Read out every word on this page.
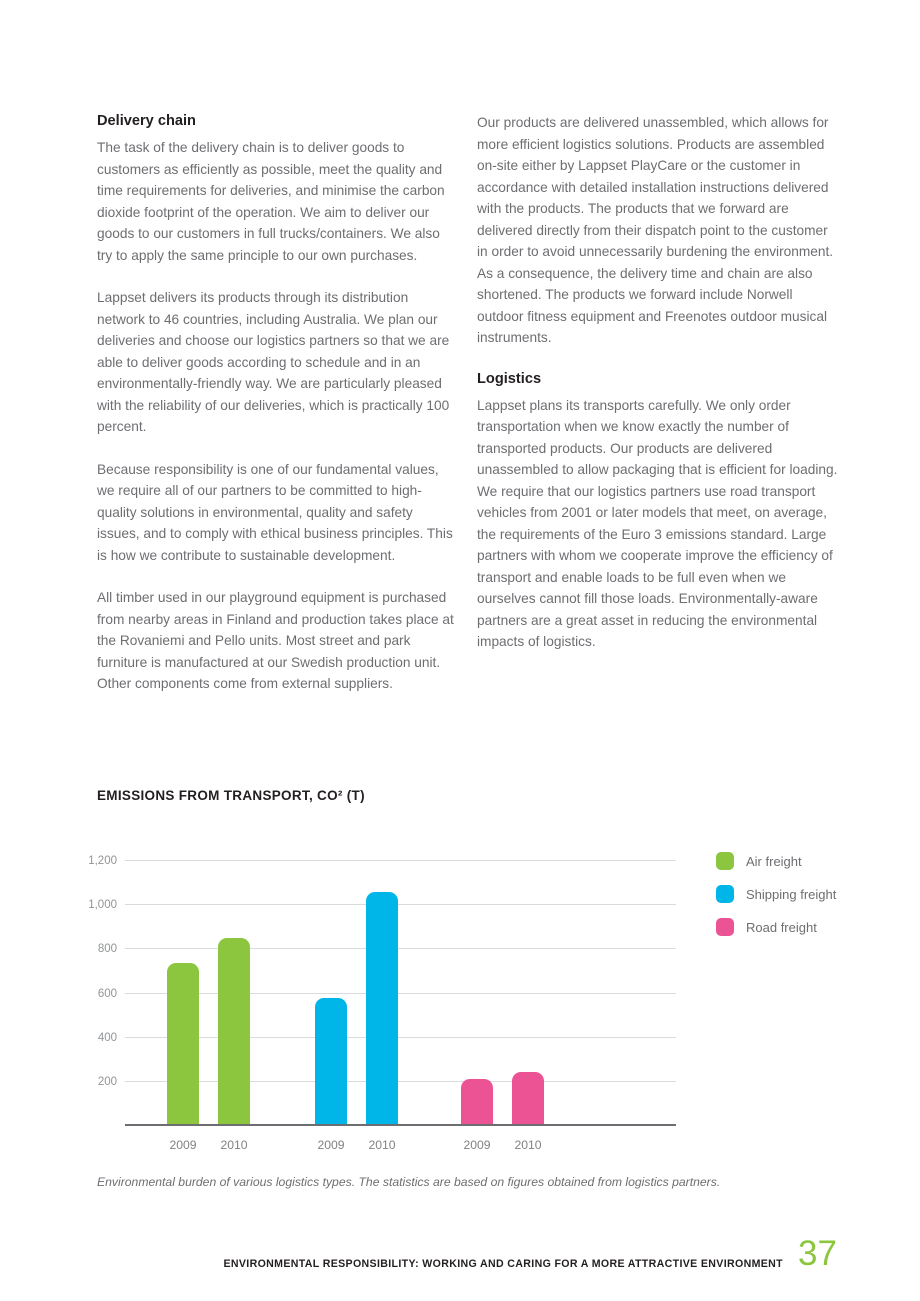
Delivery chain

The task of the delivery chain is to deliver goods to customers as efficiently as possible, meet the quality and time requirements for deliveries, and minimise the carbon dioxide footprint of the operation. We aim to deliver our goods to our customers in full trucks/containers. We also try to apply the same principle to our own purchases.

Lappset delivers its products through its distribution network to 46 countries, including Australia. We plan our deliveries and choose our logistics partners so that we are able to deliver goods according to schedule and in an environmentally-friendly way. We are particularly pleased with the reliability of our deliveries, which is practically 100 percent.

Because responsibility is one of our fundamental values, we require all of our partners to be committed to high-quality solutions in environmental, quality and safety issues, and to comply with ethical business principles. This is how we contribute to sustainable development.

All timber used in our playground equipment is purchased from nearby areas in Finland and production takes place at the Rovaniemi and Pello units. Most street and park furniture is manufactured at our Swedish production unit. Other components come from external suppliers.

Our products are delivered unassembled, which allows for more efficient logistics solutions. Products are assembled on-site either by Lappset PlayCare or the customer in accordance with detailed installation instructions delivered with the products. The products that we forward are delivered directly from their dispatch point to the customer in order to avoid unnecessarily burdening the environment. As a consequence, the delivery time and chain are also shortened. The products we forward include Norwell outdoor fitness equipment and Freenotes outdoor musical instruments.

Logistics

Lappset plans its transports carefully. We only order transportation when we know exactly the number of transported products. Our products are delivered unassembled to allow packaging that is efficient for loading. We require that our logistics partners use road transport vehicles from 2001 or later models that meet, on average, the requirements of the Euro 3 emissions standard. Large partners with whom we cooperate improve the efficiency of transport and enable loads to be full even when we ourselves cannot fill those loads. Environmentally-aware partners are a great asset in reducing the environmental impacts of logistics.

EMISSIONS FROM TRANSPORT, CO² (T)
200
400
600
800
1,000
1,200
2009	2010	2009	2010	2009	2010
Air freight
Shipping freight
Road freight
Environmental burden of various logistics types. The statistics are based on figures obtained from logistics partners.
ENVIRONMENTAL RESPONSIBILITY: WORKING AND CARING FOR A MORE ATTRACTIVE ENVIRONMENT 37
